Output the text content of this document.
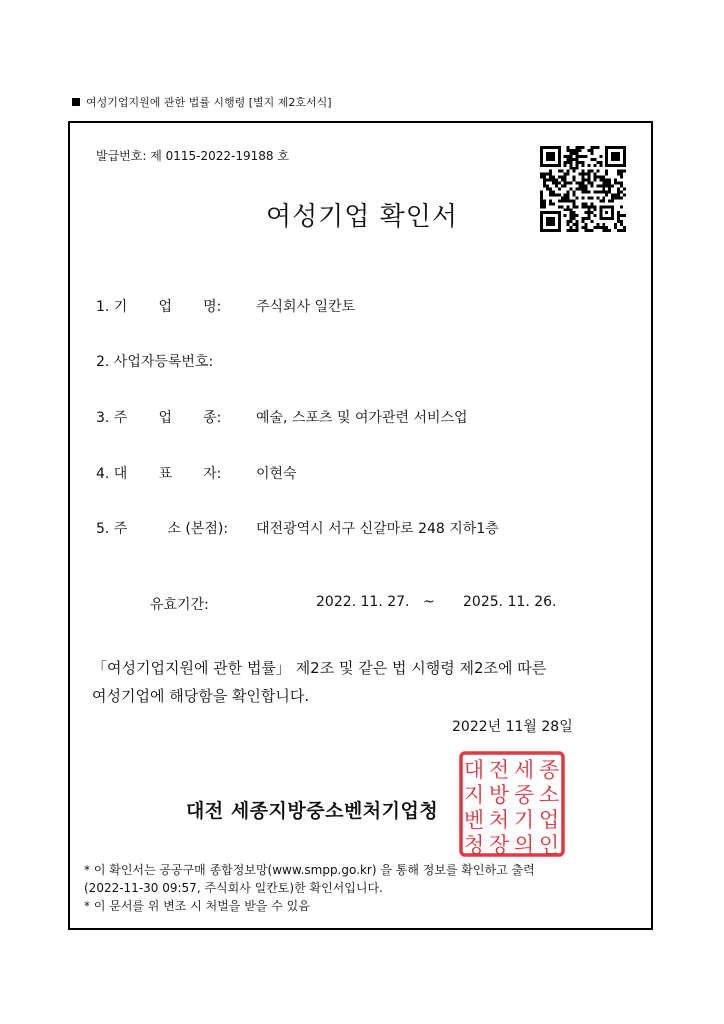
여성기업지원에 관한 법률 시행령 [별지 제2호서식]
발급번호: 제 0115-2022-19188 호
여성기업 확인서
1. 기       업       명: 주식회사 일칸토
2. 사업자등록번호:
3. 주       업       종: 예술, 스포츠 및 여가관련 서비스업
4. 대       표       자: 이현숙
5. 주         소 (본점): 대전광역시 서구 신갈마로 248 지하1층
유효기간:	2022. 11. 27. ~ 2025. 11. 26.
「여성기업지원에 관한 법률」 제2조 및 같은 법 시행령 제2조에 따른
여성기업에 해당함을 확인합니다.
2022년 11월 28일
대 전 세 종
지 방 중 소
벤 처 기 업
청 장 의 인
대전 세종지방중소벤처기업청
* 이 확인서는 공공구매 종합정보망(www.smpp.go.kr) 을 통해 정보를 확인하고 출력
(2022-11-30 09:57, 주식회사 일칸토)한 확인서입니다.
* 이 문서를 위 변조 시 처벌을 받을 수 있음
